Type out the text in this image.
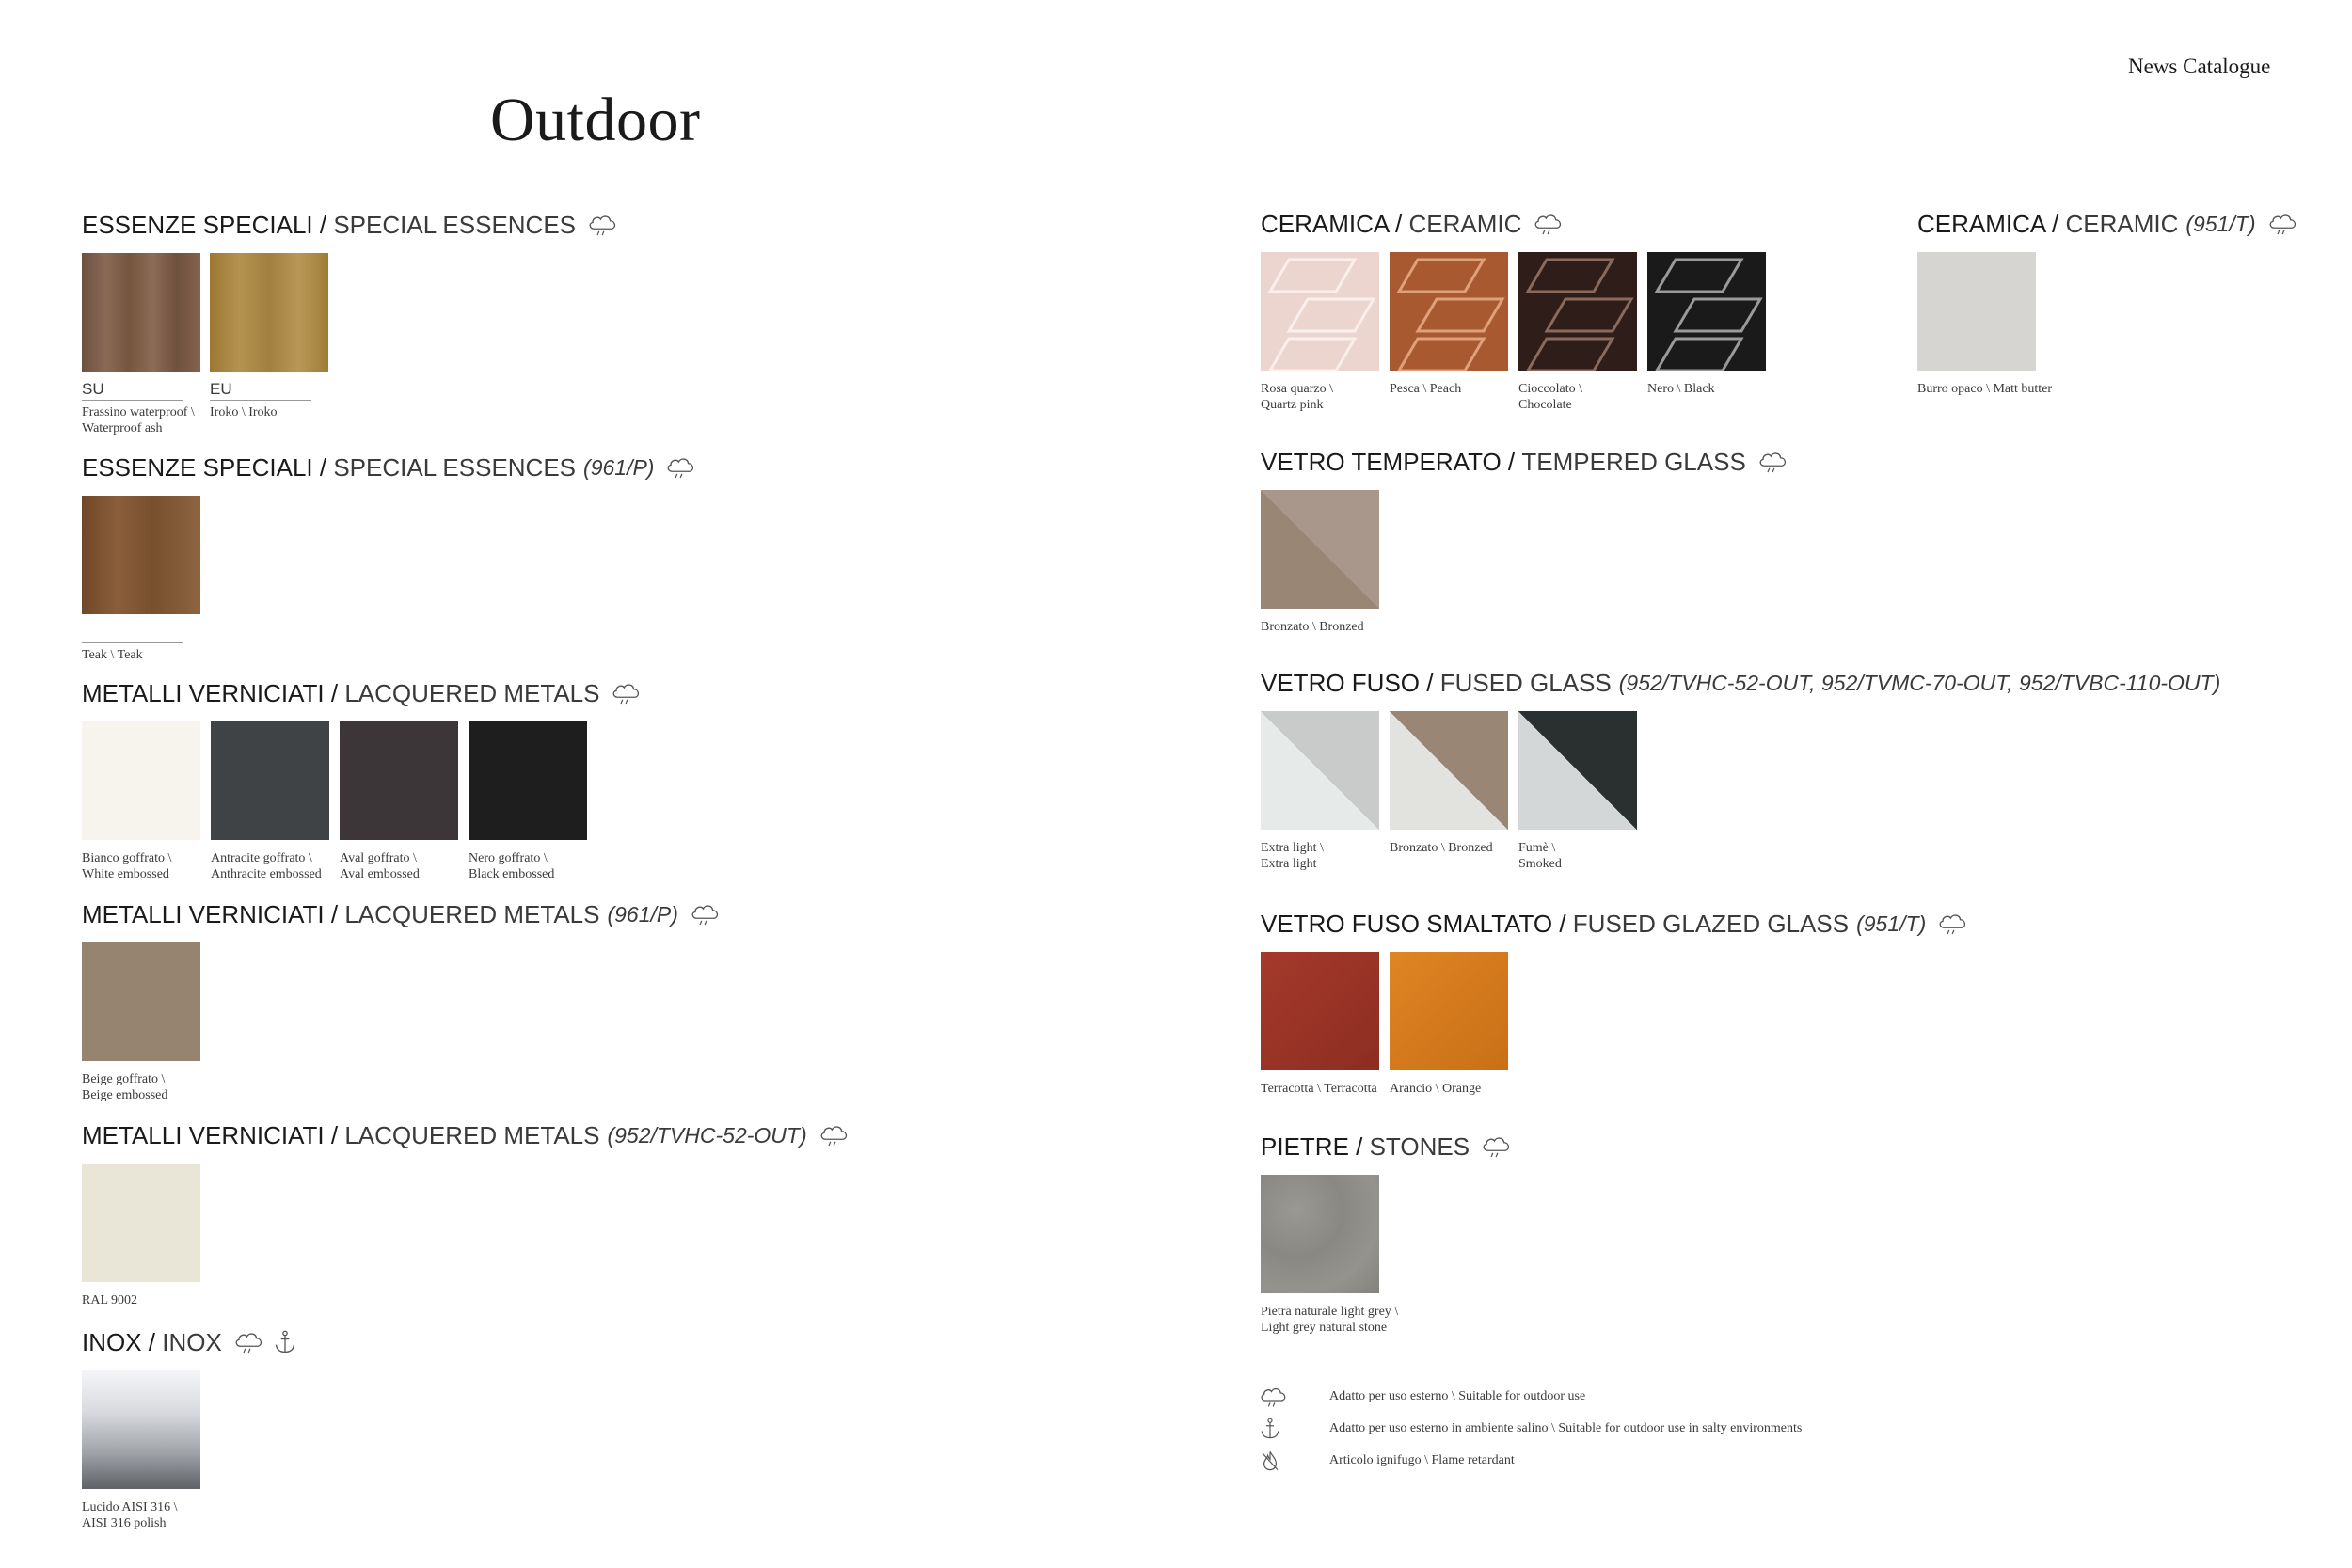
Outdoor
News Catalogue
ESSENZE SPECIALI /
SPECIAL ESSENCES
SU
Frassino waterproof \
Waterproof ash
EU
Iroko \ Iroko
ESSENZE SPECIALI /
SPECIAL ESSENCES (961/P)
Teak \ Teak
METALLI VERNICIATI /
LACQUERED METALS
Bianco goffrato \
White embossed
Antracite goffrato \
Anthracite embossed
Aval goffrato \
Aval embossed
Nero goffrato \
Black embossed
METALLI VERNICIATI /
LACQUERED METALS (961/P)
Beige goffrato \
Beige embossed
METALLI VERNICIATI /
LACQUERED METALS (952/TVHC-52-OUT)
RAL 9002
INOX /
INOX
Lucido AISI 316 \
AISI 316 polish
CERAMICA /
CERAMIC
Rosa quarzo \
Quartz pink
Pesca \ Peach	Cioccolato \
Chocolate
Nero \ Black
CERAMICA /
CERAMIC (951/T)
Burro opaco \ Matt butter
VETRO TEMPERATO /
TEMPERED GLASS
Bronzato \ Bronzed
VETRO FUSO /
FUSED GLASS (952/TVHC-52-OUT, 952/TVMC-70-OUT, 952/TVBC-110-OUT)
Extra light \
Extra light
Bronzato \ Bronzed	Fumè \
Smoked
VETRO FUSO SMALTATO /
FUSED GLAZED GLASS (951/T)
Terracotta \ Terracotta Arancio \ Orange
PIETRE /
STONES
Pietra naturale light grey \
Light grey natural stone
Adatto per uso esterno \ Suitable for outdoor use
Adatto per uso esterno in ambiente salino \ Suitable for outdoor use in salty environments
Articolo ignifugo \ Flame retardant
